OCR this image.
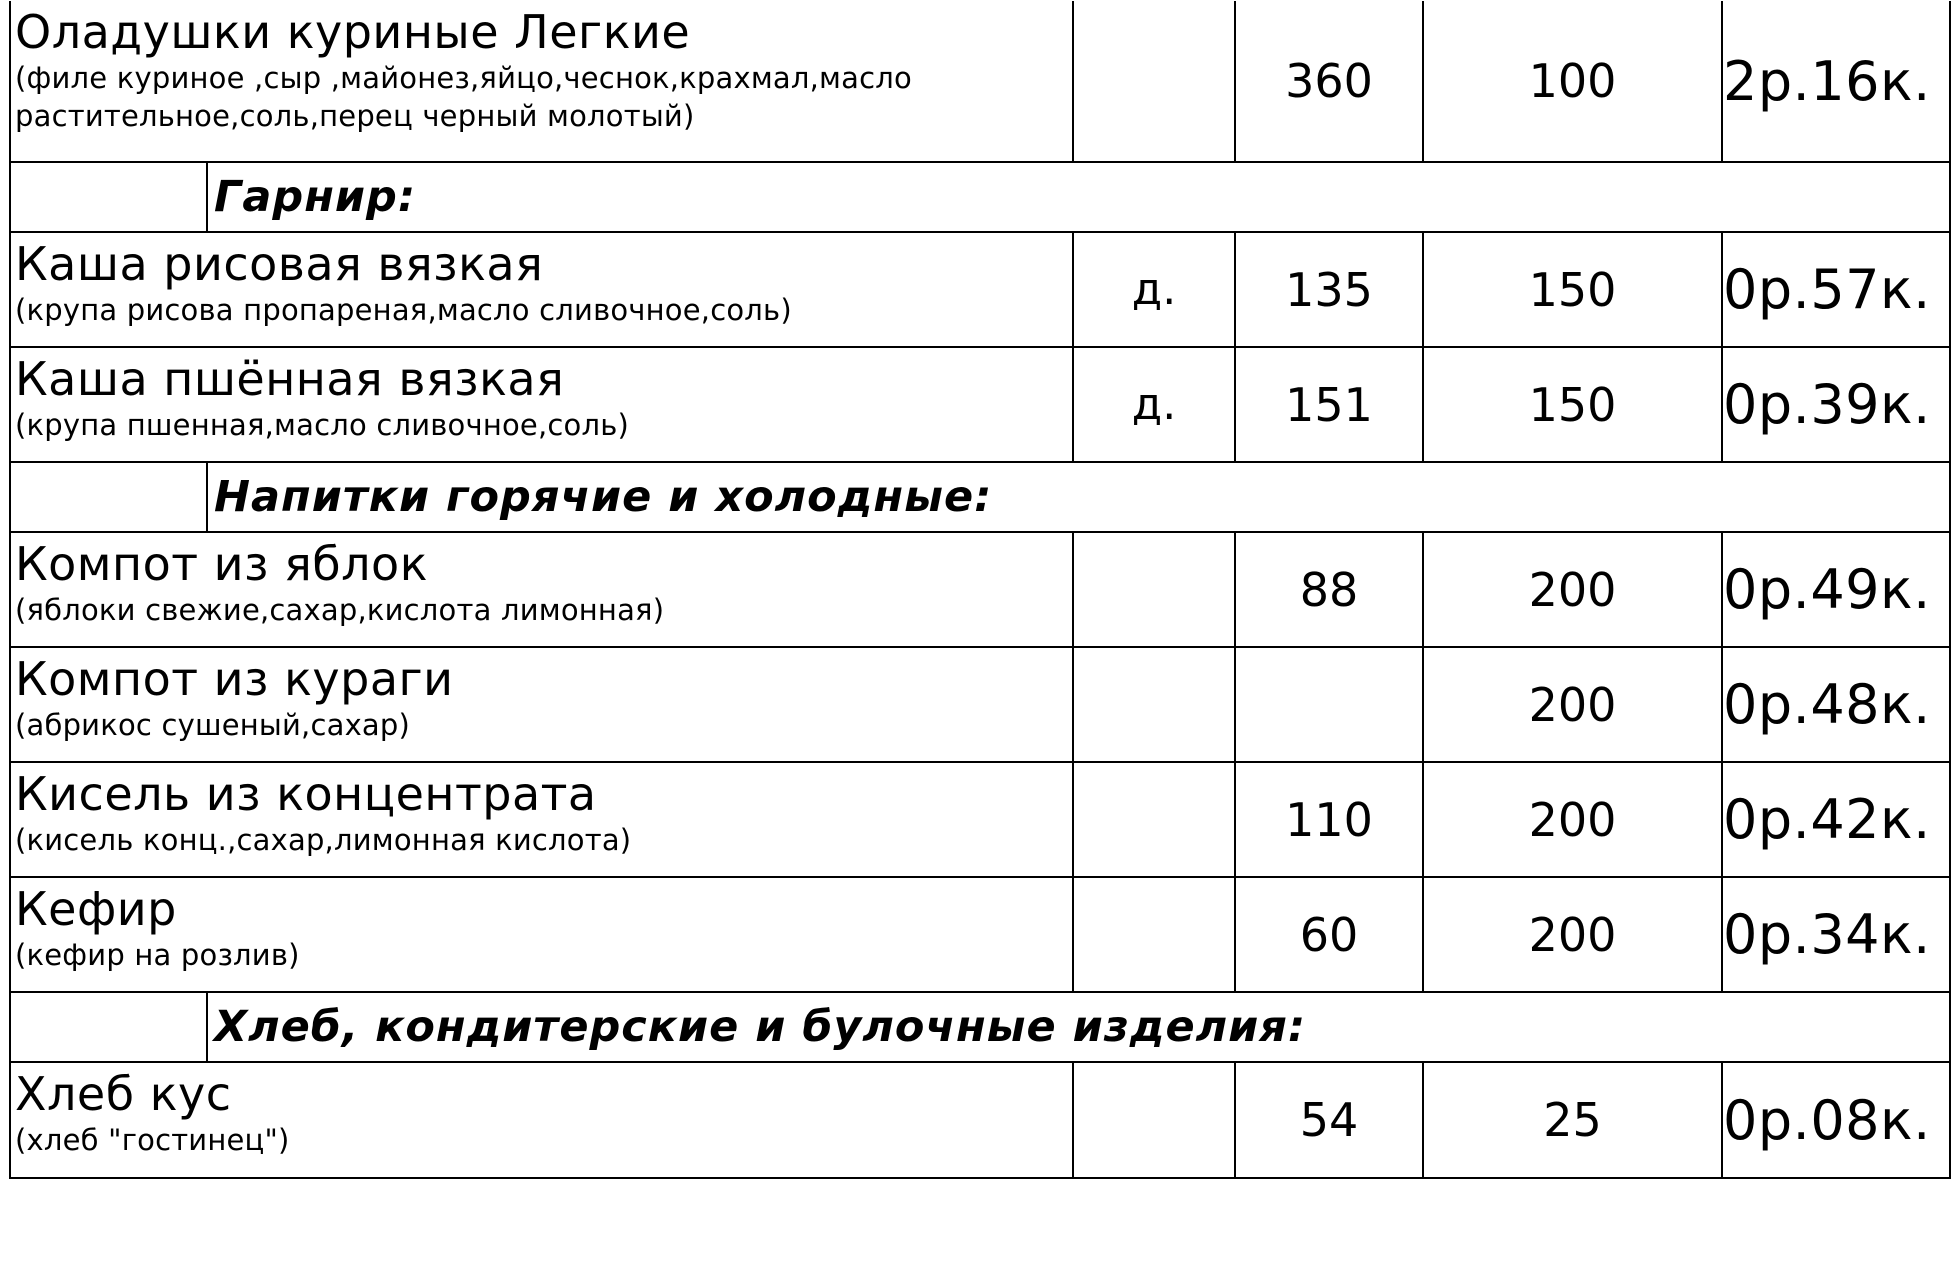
Оладушки куриные Легкие
(филе куриное ,сыр ,майонез,яйцо,чеснок,крахмал,масло растительное,соль,перец черный молотый)			360	100	2р.16к.
	Гарнир:				

Каша рисовая вязкая
(крупа рисова пропареная,масло сливочное,соль)		д.	135	150	0р.57к.

Каша пшённая вязкая
(крупа пшенная,масло сливочное,соль)		д.	151	150	0р.39к.
	Напитки горячие и холодные:				

Компот из яблок
(яблоки свежие,сахар,кислота лимонная)			88	200	0р.49к.

Компот из кураги
(абрикос сушеный,сахар)				200	0р.48к.

Кисель из концентрата
(кисель конц.,сахар,лимонная кислота)			110	200	0р.42к.

Кефир
(кефир на розлив)			60	200	0р.34к.
	Хлеб, кондитерские и булочные изделия:				

Хлеб кус
(хлеб "гостинец")			54	25	0р.08к.
